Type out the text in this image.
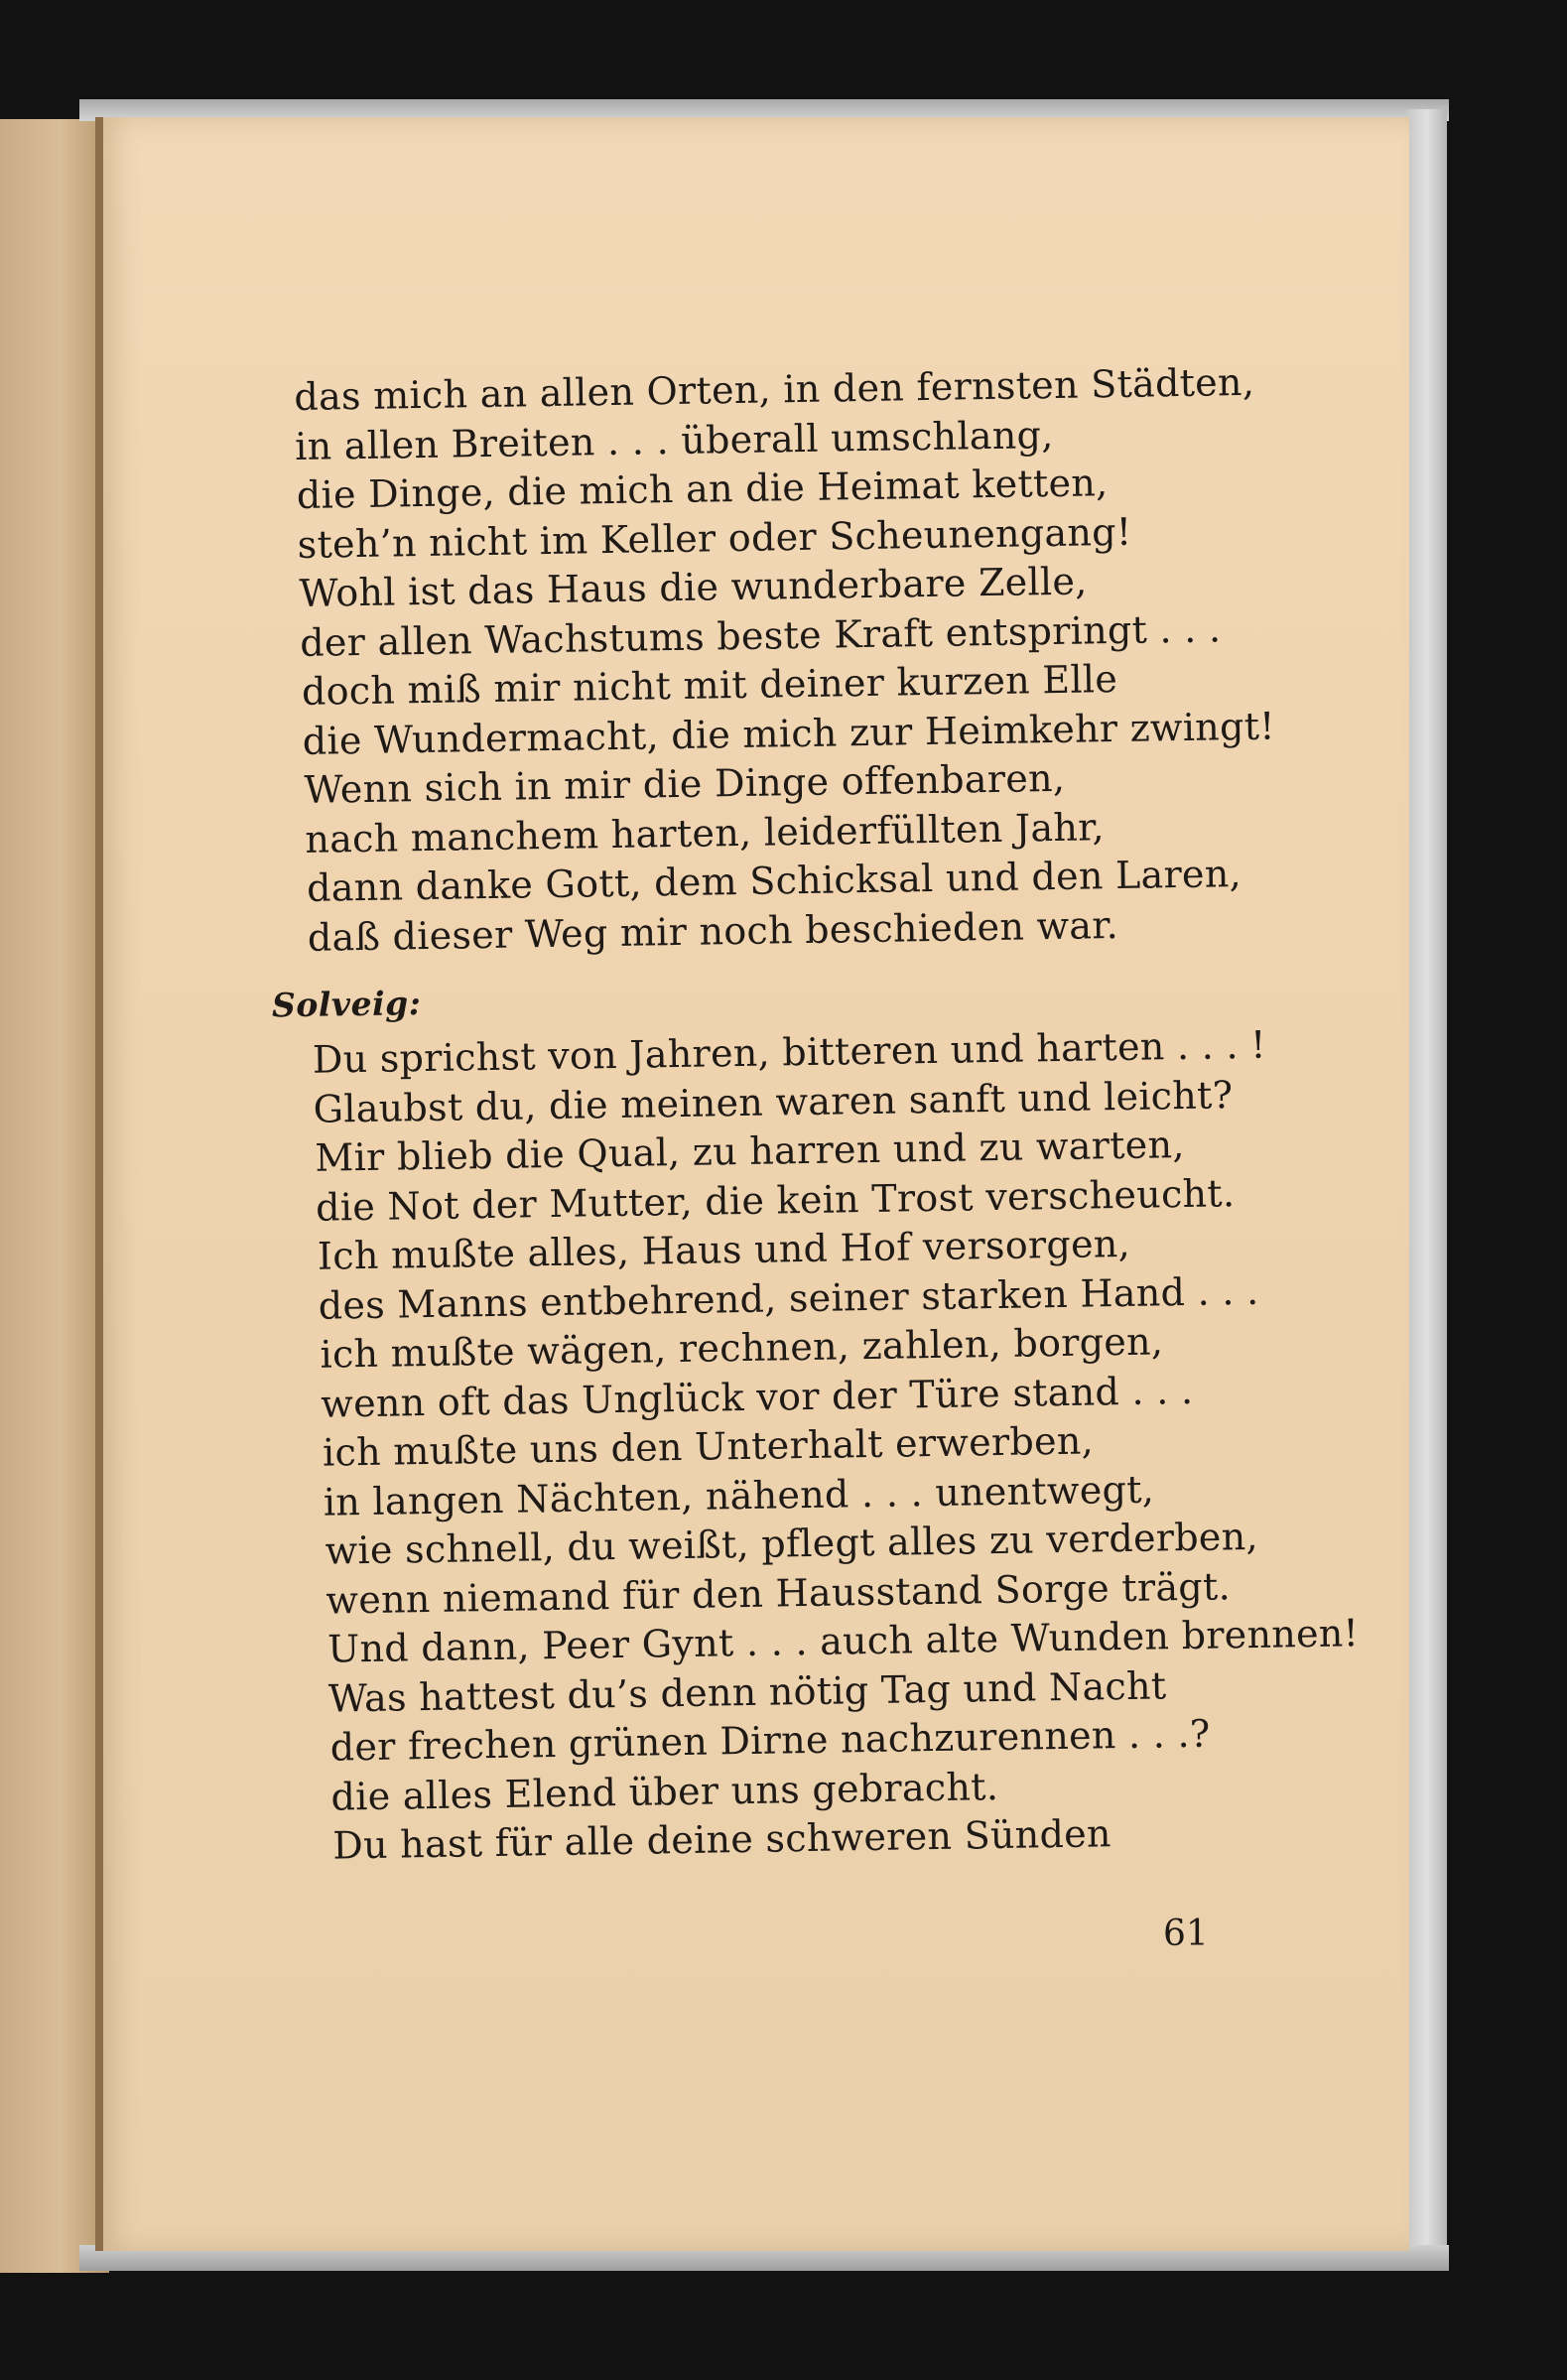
das mich an allen Orten, in den fernsten Städten,
in allen Breiten . . . überall umschlang,
die Dinge, die mich an die Heimat ketten,
steh’n nicht im Keller oder Scheunengang!
Wohl ist das Haus die wunderbare Zelle,
der allen Wachstums beste Kraft entspringt . . .
doch miß mir nicht mit deiner kurzen Elle
die Wundermacht, die mich zur Heimkehr zwingt!
Wenn sich in mir die Dinge offenbaren,
nach manchem harten, leiderfüllten Jahr,
dann danke Gott, dem Schicksal und den Laren,
daß dieser Weg mir noch beschieden war.
Solveig:
Du sprichst von Jahren, bitteren und harten . . . !
Glaubst du, die meinen waren sanft und leicht?
Mir blieb die Qual, zu harren und zu warten,
die Not der Mutter, die kein Trost verscheucht.
Ich mußte alles, Haus und Hof versorgen,
des Manns entbehrend, seiner starken Hand . . .
ich mußte wägen, rechnen, zahlen, borgen,
wenn oft das Unglück vor der Türe stand . . .
ich mußte uns den Unterhalt erwerben,
in langen Nächten, nähend . . . unentwegt,
wie schnell, du weißt, pflegt alles zu verderben,
wenn niemand für den Hausstand Sorge trägt.
Und dann, Peer Gynt . . . auch alte Wunden brennen!
Was hattest du’s denn nötig Tag und Nacht
der frechen grünen Dirne nachzurennen . . .?
die alles Elend über uns gebracht.
Du hast für alle deine schweren Sünden
61
